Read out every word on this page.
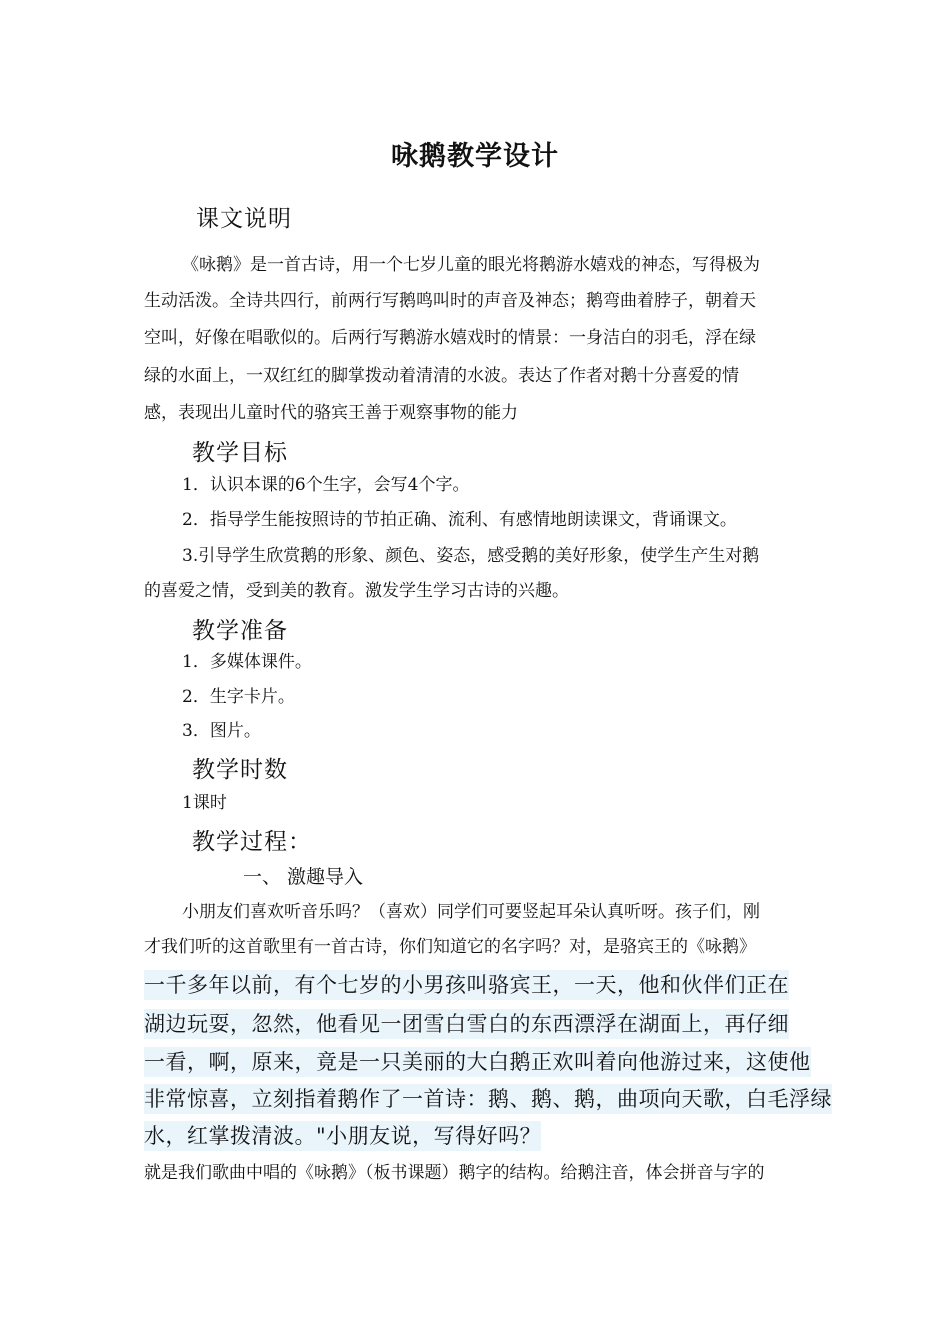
咏鹅教学设计
课文说明
《咏鹅》是一首古诗，用一个七岁儿童的眼光将鹅游水嬉戏的神态，写得极为
生动活泼。全诗共四行，前两行写鹅鸣叫时的声音及神态；鹅弯曲着脖子，朝着天
空叫，好像在唱歌似的。后两行写鹅游水嬉戏时的情景：一身洁白的羽毛，浮在绿
绿的水面上，一双红红的脚掌拨动着清清的水波。表达了作者对鹅十分喜爱的情
感，表现出儿童时代的骆宾王善于观察事物的能力
教学目标
1．认识本课的6个生字，会写4个字。
2．指导学生能按照诗的节拍正确、流利、有感情地朗读课文，背诵课文。
3.引导学生欣赏鹅的形象、颜色、姿态，感受鹅的美好形象，使学生产生对鹅
的喜爱之情，受到美的教育。激发学生学习古诗的兴趣。
教学准备
1．多媒体课件。
2．生字卡片。
3．图片。
教学时数
1课时
教学过程：
一、 激趣导入
小朋友们喜欢听音乐吗？（喜欢）同学们可要竖起耳朵认真听呀。孩子们，刚
才我们听的这首歌里有一首古诗，你们知道它的名字吗？对，是骆宾王的《咏鹅》
一千多年以前，有个七岁的小男孩叫骆宾王，一天，他和伙伴们正在
湖边玩耍，忽然，他看见一团雪白雪白的东西漂浮在湖面上，再仔细
一看，啊，原来，竟是一只美丽的大白鹅正欢叫着向他游过来，这使他
非常惊喜，立刻指着鹅作了一首诗：鹅、鹅、鹅，曲项向天歌，白毛浮绿
水，红掌拨清波。"小朋友说，写得好吗？
就是我们歌曲中唱的《咏鹅》（板书课题）鹅字的结构。给鹅注音，体会拼音与字的
